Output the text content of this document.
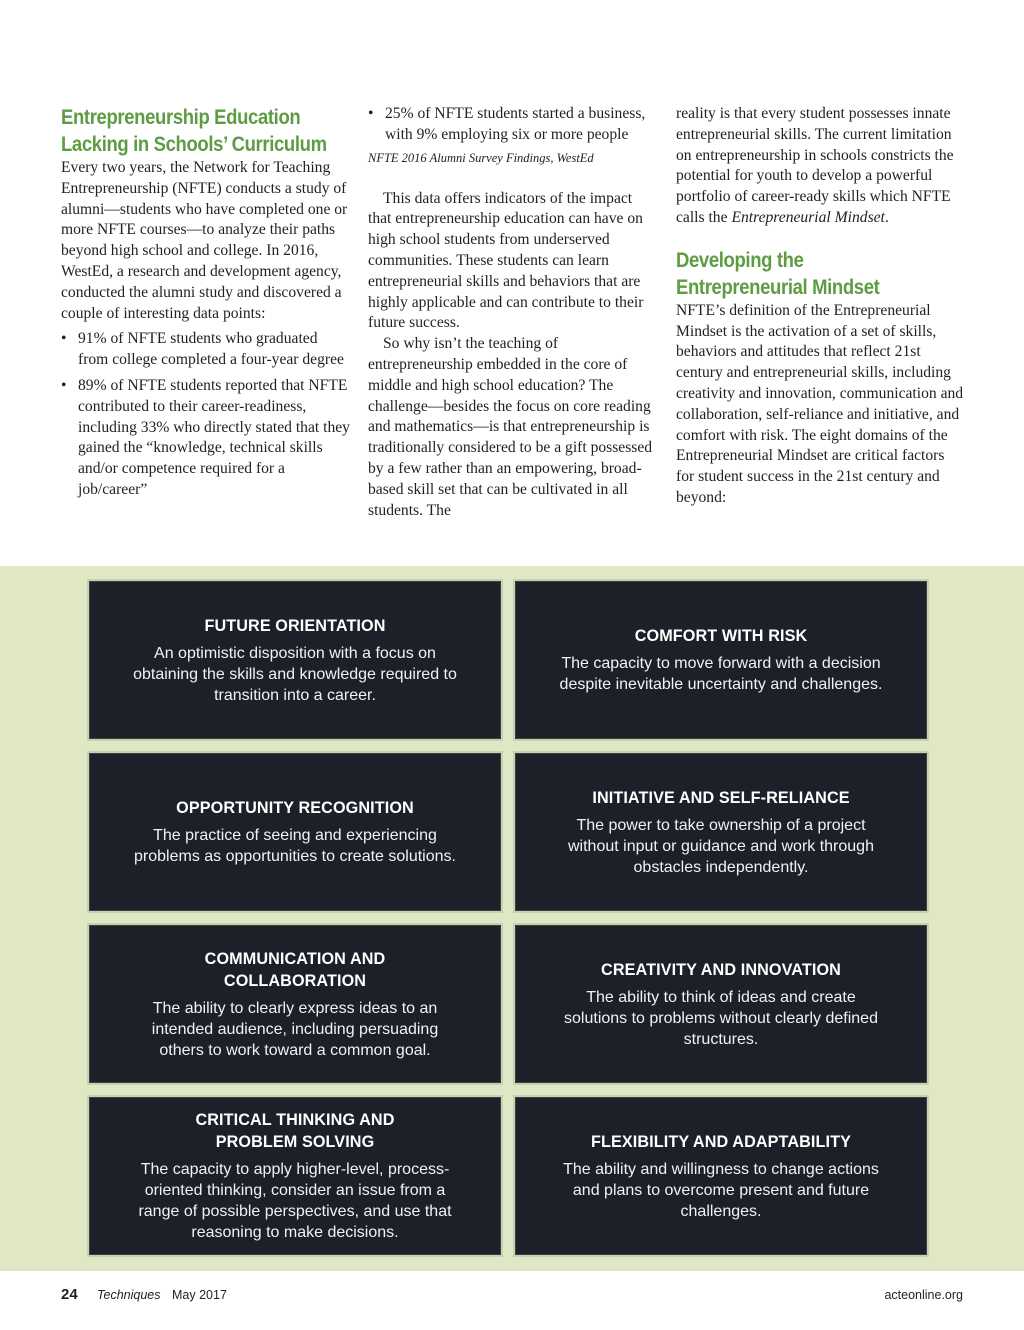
Entrepreneurship Education
Lacking in Schools’ Curriculum

Every two years, the Network for Teaching Entrepreneurship (NFTE) conducts a study of alumni—students who have completed one or more NFTE courses—to analyze their paths beyond high school and college. In 2016, WestEd, a research and development agency, conducted the alumni study and discovered a couple of interesting data points:

• 91% of NFTE students who graduated from college completed a four-year degree
• 89% of NFTE students reported that NFTE contributed to their career-readiness, including 33% who directly stated that they gained the “knowledge, technical skills and/or competence required for a job/career”
• 25% of NFTE students started a business, with 9% employing six or more people

NFTE 2016 Alumni Survey Findings, WestEd

This data offers indicators of the impact that entrepreneurship education can have on high school students from underserved communities. These students can learn entrepreneurial skills and behaviors that are highly applicable and can contribute to their future success.

So why isn’t the teaching of entrepreneurship embedded in the core of middle and high school education? The challenge—besides the focus on core reading and mathematics—is that entrepreneurship is traditionally considered to be a gift possessed by a few rather than an empowering, broad-based skill set that can be cultivated in all students. The

reality is that every student possesses innate entrepreneurial skills. The current limitation on entrepreneurship in schools constricts the potential for youth to develop a powerful portfolio of career-ready skills which NFTE calls the Entrepreneurial Mindset.

Developing the
Entrepreneurial Mindset

NFTE’s definition of the Entrepreneurial Mindset is the activation of a set of skills, behaviors and attitudes that reflect 21st century and entrepreneurial skills, including creativity and innovation, communication and collaboration, self-reliance and initiative, and comfort with risk. The eight domains of the Entrepreneurial Mindset are critical factors for student success in the 21st century and beyond:

FUTURE ORIENTATION
An optimistic disposition with a focus on obtaining the skills and knowledge required to transition into a career.
COMFORT WITH RISK
The capacity to move forward with a decision despite inevitable uncertainty and challenges.
OPPORTUNITY RECOGNITION
The practice of seeing and experiencing problems as opportunities to create solutions.
INITIATIVE AND SELF-RELIANCE
The power to take ownership of a project without input or guidance and work through obstacles independently.
COMMUNICATION AND COLLABORATION
The ability to clearly express ideas to an intended audience, including persuading others to work toward a common goal.
CREATIVITY AND INNOVATION
The ability to think of ideas and create solutions to problems without clearly defined structures.
CRITICAL THINKING AND PROBLEM SOLVING
The capacity to apply higher-level, process-oriented thinking, consider an issue from a range of possible perspectives, and use that reasoning to make decisions.
FLEXIBILITY AND ADAPTABILITY
The ability and willingness to change actions and plans to overcome present and future challenges.
24 Techniques May 2017	acteonline.org
